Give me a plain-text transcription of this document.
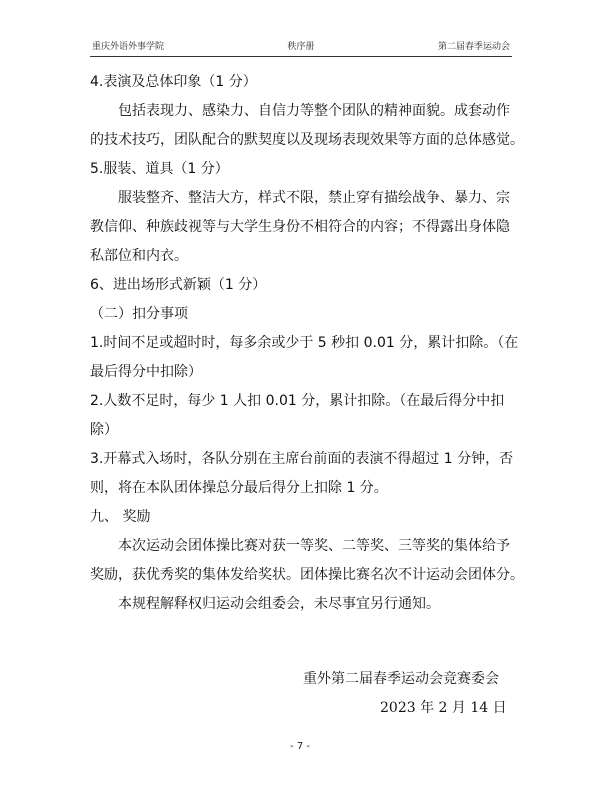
重庆外语外事学院	秩序册	第二届春季运动会

4.表演及总体印象（1 分）

包括表现力、感染力、自信力等整个团队的精神面貌。成套动作

的技术技巧，团队配合的默契度以及现场表现效果等方面的总体感觉。

5.服装、道具（1 分）

服装整齐、整洁大方，样式不限，禁止穿有描绘战争、暴力、宗

教信仰、种族歧视等与大学生身份不相符合的内容；不得露出身体隐

私部位和内衣。

6、进出场形式新颖（1 分）

（二）扣分事项

1.时间不足或超时时，每多余或少于 5 秒扣 0.01 分，累计扣除。（在

最后得分中扣除）

2.人数不足时，每少 1 人扣 0.01 分，累计扣除。（在最后得分中扣

除）

3.开幕式入场时，各队分别在主席台前面的表演不得超过 1 分钟，否

则，将在本队团体操总分最后得分上扣除 1 分。

九、 奖励

本次运动会团体操比赛对获一等奖、二等奖、三等奖的集体给予

奖励，获优秀奖的集体发给奖状。团体操比赛名次不计运动会团体分。

本规程解释权归运动会组委会，未尽事宜另行通知。

重外第二届春季运动会竞赛委会
2023 年 2 月 14 日
- 7 -
